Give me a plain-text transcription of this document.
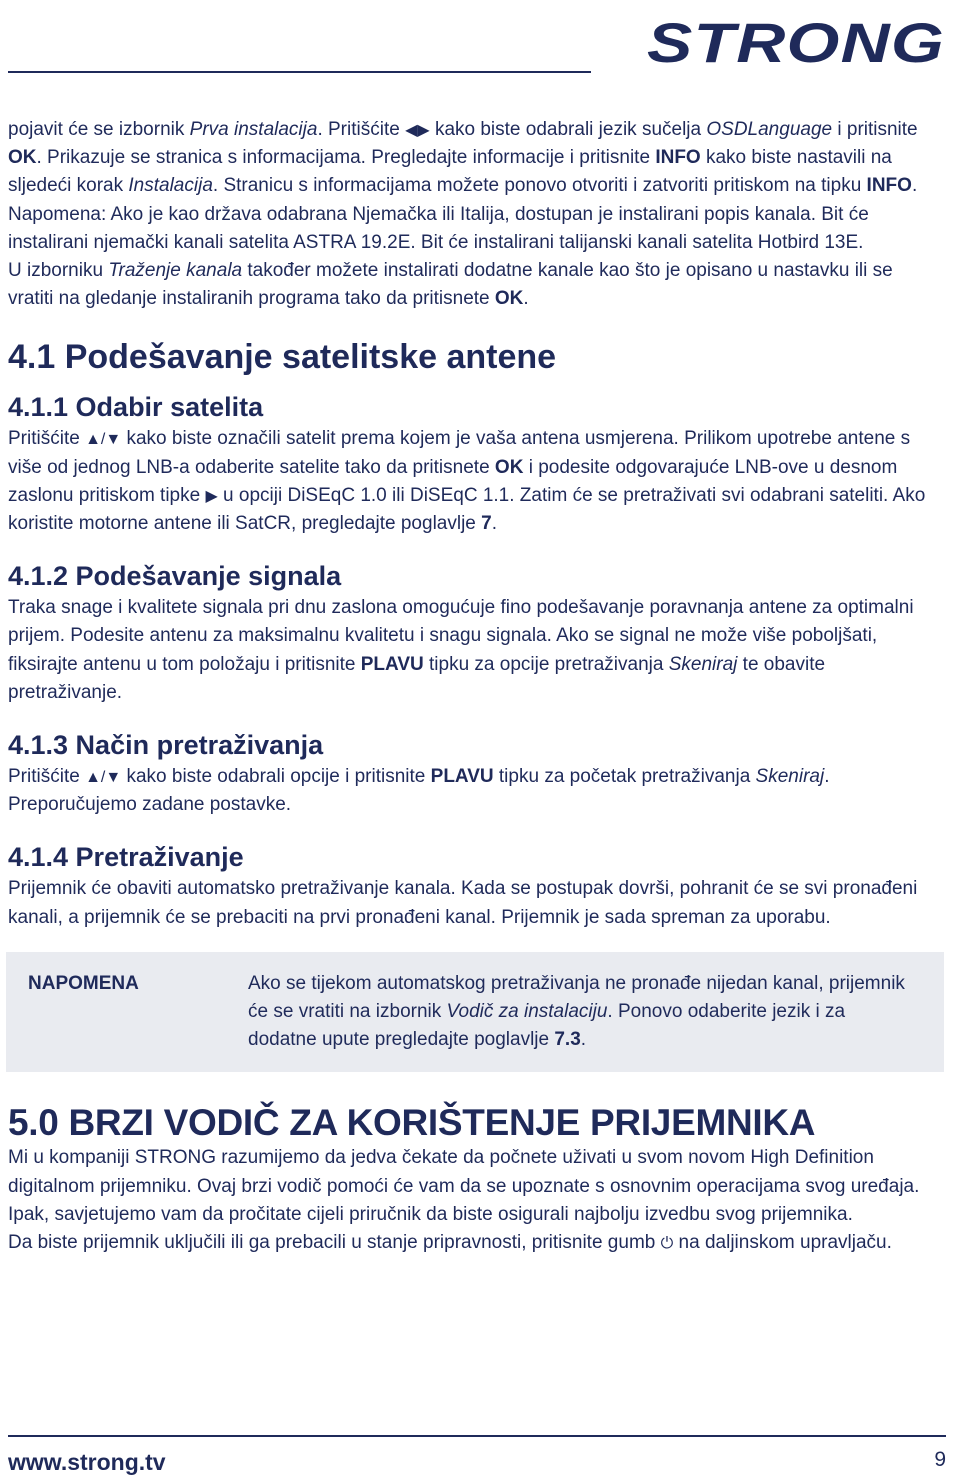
STRONG

pojavit će se izbornik Prva instalacija. Pritišćite ◀▶ kako biste odabrali jezik sučelja OSDLanguage i pritisnite OK. Prikazuje se stranica s informacijama. Pregledajte informacije i pritisnite INFO kako biste nastavili na sljedeći korak Instalacija. Stranicu s informacijama možete ponovo otvoriti i zatvoriti pritiskom na tipku INFO.

Napomena: Ako je kao država odabrana Njemačka ili Italija, dostupan je instalirani popis kanala. Bit će instalirani njemački kanali satelita ASTRA 19.2E. Bit će instalirani talijanski kanali satelita Hotbird 13E.

U izborniku Traženje kanala također možete instalirati dodatne kanale kao što je opisano u nastavku ili se vratiti na gledanje instaliranih programa tako da pritisnete OK.

4.1 Podešavanje satelitske antene
4.1.1 Odabir satelita

Pritišćite ▲/▼ kako biste označili satelit prema kojem je vaša antena usmjerena. Prilikom upotrebe antene s više od jednog LNB-a odaberite satelite tako da pritisnete OK i podesite odgovarajuće LNB-ove u desnom zaslonu pritiskom tipke ▶ u opciji DiSEqC 1.0 ili DiSEqC 1.1. Zatim će se pretraživati svi odabrani sateliti. Ako koristite motorne antene ili SatCR, pregledajte poglavlje 7.

4.1.2 Podešavanje signala

Traka snage i kvalitete signala pri dnu zaslona omogućuje fino podešavanje poravnanja antene za optimalni prijem. Podesite antenu za maksimalnu kvalitetu i snagu signala. Ako se signal ne može više poboljšati, fiksirajte antenu u tom položaju i pritisnite PLAVU tipku za opcije pretraživanja Skeniraj te obavite pretraživanje.

4.1.3 Način pretraživanja

Pritišćite ▲/▼ kako biste odabrali opcije i pritisnite PLAVU tipku za početak pretraživanja Skeniraj. Preporučujemo zadane postavke.

4.1.4 Pretraživanje

Prijemnik će obaviti automatsko pretraživanje kanala. Kada se postupak dovrši, pohranit će se svi pronađeni kanali, a prijemnik će se prebaciti na prvi pronađeni kanal. Prijemnik je sada spreman za uporabu.

NAPOMENA	Ako se tijekom automatskog pretraživanja ne pronađe nijedan kanal, prijemnik će se vratiti na izbornik Vodič za instalaciju. Ponovo odaberite jezik i za dodatne upute pregledajte poglavlje 7.3.
5.0 BRZI VODIČ ZA KORIŠTENJE PRIJEMNIKA

Mi u kompaniji STRONG razumijemo da jedva čekate da počnete uživati u svom novom High Definition digitalnom prijemniku. Ovaj brzi vodič pomoći će vam da se upoznate s osnovnim operacijama svog uređaja. Ipak, savjetujemo vam da pročitate cijeli priručnik da biste osigurali najbolju izvedbu svog prijemnika.

Da biste prijemnik uključili ili ga prebacili u stanje pripravnosti, pritisnite gumb ⏻ na daljinskom upravljaču.

www.strong.tv	9
